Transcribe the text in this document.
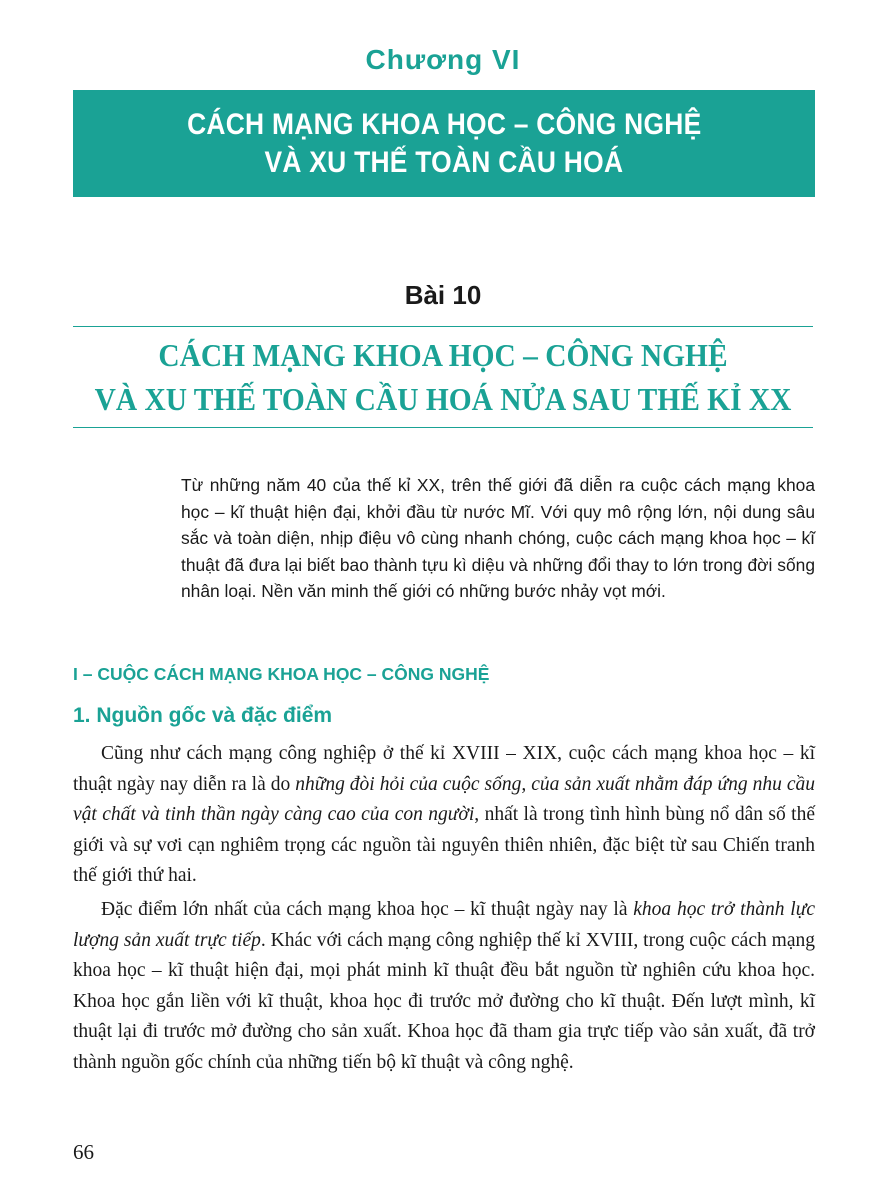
Chương VI
CÁCH MẠNG KHOA HỌC – CÔNG NGHỆ
VÀ XU THẾ TOÀN CẦU HOÁ
Bài 10
CÁCH MẠNG KHOA HỌC – CÔNG NGHỆ
VÀ XU THẾ TOÀN CẦU HOÁ NỬA SAU THẾ KỈ XX
Từ những năm 40 của thế kỉ XX, trên thế giới đã diễn ra cuộc cách mạng khoa học – kĩ thuật hiện đại, khởi đầu từ nước Mĩ. Với quy mô rộng lớn, nội dung sâu sắc và toàn diện, nhịp điệu vô cùng nhanh chóng, cuộc cách mạng khoa học – kĩ thuật đã đưa lại biết bao thành tựu kì diệu và những đổi thay to lớn trong đời sống nhân loại. Nền văn minh thế giới có những bước nhảy vọt mới.
I – CUỘC CÁCH MẠNG KHOA HỌC – CÔNG NGHỆ
1. Nguồn gốc và đặc điểm
Cũng như cách mạng công nghiệp ở thế kỉ XVIII – XIX, cuộc cách mạng khoa học – kĩ thuật ngày nay diễn ra là do những đòi hỏi của cuộc sống, của sản xuất nhằm đáp ứng nhu cầu vật chất và tinh thần ngày càng cao của con người, nhất là trong tình hình bùng nổ dân số thế giới và sự vơi cạn nghiêm trọng các nguồn tài nguyên thiên nhiên, đặc biệt từ sau Chiến tranh thế giới thứ hai.
Đặc điểm lớn nhất của cách mạng khoa học – kĩ thuật ngày nay là khoa học trở thành lực lượng sản xuất trực tiếp. Khác với cách mạng công nghiệp thế kỉ XVIII, trong cuộc cách mạng khoa học – kĩ thuật hiện đại, mọi phát minh kĩ thuật đều bắt nguồn từ nghiên cứu khoa học. Khoa học gắn liền với kĩ thuật, khoa học đi trước mở đường cho kĩ thuật. Đến lượt mình, kĩ thuật lại đi trước mở đường cho sản xuất. Khoa học đã tham gia trực tiếp vào sản xuất, đã trở thành nguồn gốc chính của những tiến bộ kĩ thuật và công nghệ.
66
